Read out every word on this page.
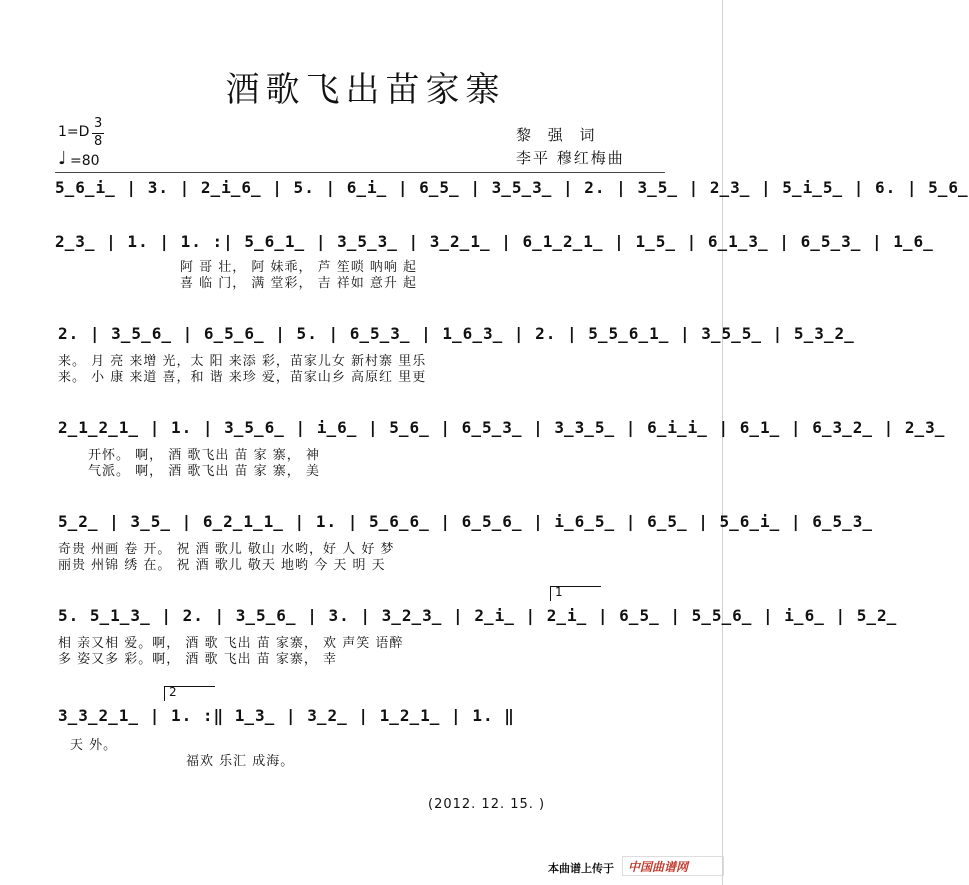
酒歌飞出苗家寨
1=D
3
8
♩ =80
黎 强 词
李平 穆红梅曲
5̲6̲i̲ | 3. | 2̲i̲6̲ | 5. | 6̲i̲ | 6̲5̲ | 3̲5̲3̲ | 2. | 3̲5̲ | 2̲3̲ | 5̲i̲5̲ | 6. | 5̲6̲
2̲3̲ | 1. | 1. :| 5̲6̲1̲ | 3̲5̲3̲ | 3̲2̲1̲ | 6̲1̲2̲1̲ | 1̲5̲ | 6̲1̲3̲ | 6̲5̲3̲ | 1̲6̲
阿 哥 壮， 阿 妹乖， 芦 笙唢 呐响 起
喜 临 门， 满 堂彩， 吉 祥如 意升 起
2. | 3̲5̲6̲ | 6̲5̲6̲ | 5. | 6̲5̲3̲ | 1̲6̲3̲ | 2. | 5̲5̲6̲1̲ | 3̲5̲5̲ | 5̲3̲2̲
来。 月 亮 来增 光，太 阳 来添 彩，苗家儿女 新村寨 里乐
来。 小 康 来道 喜，和 谐 来珍 爱，苗家山乡 高原红 里更
2̲1̲2̲1̲ | 1. | 3̲5̲6̲ | i̲6̲ | 5̲6̲ | 6̲5̲3̲ | 3̲3̲5̲ | 6̲i̲i̲ | 6̲1̲ | 6̲3̲2̲ | 2̲3̲
开怀。 啊， 酒 歌飞出 苗 家 寨， 神
气派。 啊， 酒 歌飞出 苗 家 寨， 美
5̲2̲ | 3̲5̲ | 6̲2̲1̲1̲ | 1. | 5̲6̲6̲ | 6̲5̲6̲ | i̲6̲5̲ | 6̲5̲ | 5̲6̲i̲ | 6̲5̲3̲
奇贵 州画 卷 开。 祝 酒 歌儿 敬山 水哟，好 人 好 梦
丽贵 州锦 绣 在。 祝 酒 歌儿 敬天 地哟 今 天 明 天
1
5. 5̲1̲3̲ | 2. | 3̲5̲6̲ | 3. | 3̲2̲3̲ | 2̲i̲ | 2̲i̲ | 6̲5̲ | 5̲5̲6̲ | i̲6̲ | 5̲2̲
相 亲又相 爱。啊， 酒 歌 飞出 苗 家寨， 欢 声笑 语醉
多 姿又多 彩。啊， 酒 歌 飞出 苗 家寨， 幸
2
3̲3̲2̲1̲ | 1. :‖ 1̲3̲ | 3̲2̲ | 1̲2̲1̲ | 1. ‖
天 外。
福欢 乐汇 成海。
(2012. 12. 15. )
本曲谱上传于 中国曲谱网
